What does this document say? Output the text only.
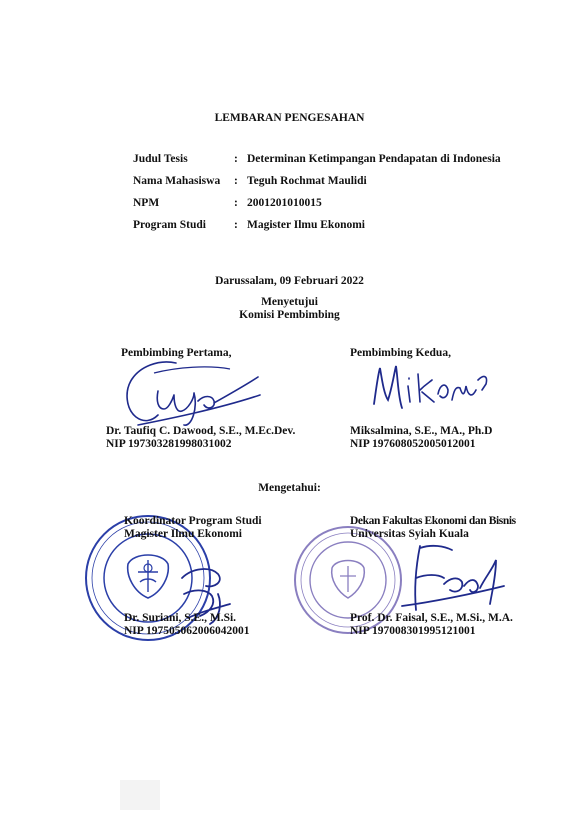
LEMBARAN PENGESAHAN
Judul Tesis	: Determinan Ketimpangan Pendapatan di Indonesia
Nama Mahasiswa : Teguh Rochmat Maulidi
NPM	: 2001201010015
Program Studi : Magister Ilmu Ekonomi
Darussalam, 09 Februari 2022
Menyetujui
Komisi Pembimbing
Pembimbing Pertama,
Dr. Taufiq C. Dawood, S.E., M.Ec.Dev.
NIP 197303281998031002
Pembimbing Kedua,
Miksalmina, S.E., MA., Ph.D
NIP 197608052005012001
Mengetahui:
Koordinator Program Studi
Magister Ilmu Ekonomi
Dr. Suriani, S.E., M.Si.
NIP 197505062006042001
Dekan Fakultas Ekonomi dan Bisnis
Universitas Syiah Kuala
Prof. Dr. Faisal, S.E., M.Si., M.A.
NIP 197008301995121001
